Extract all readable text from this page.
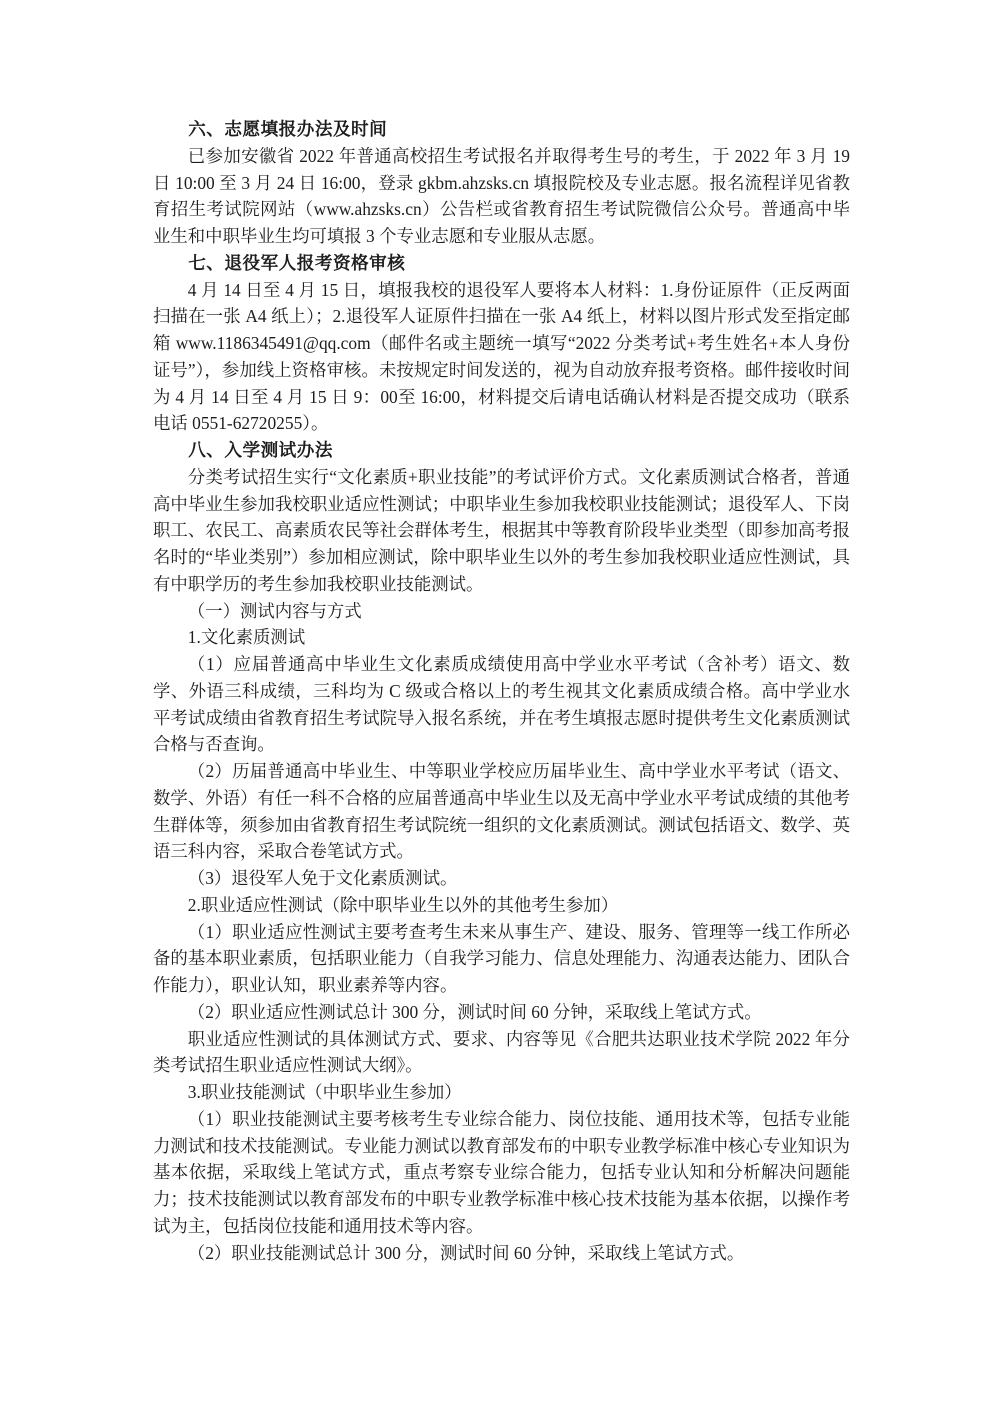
六、志愿填报办法及时间

已参加安徽省 2022 年普通高校招生考试报名并取得考生号的考生，于 2022 年 3 月 19 日 10:00 至 3 月 24 日 16:00，登录 gkbm.ahzsks.cn 填报院校及专业志愿。报名流程详见省教育招生考试院网站（www.ahzsks.cn）公告栏或省教育招生考试院微信公众号。普通高中毕业生和中职毕业生均可填报 3 个专业志愿和专业服从志愿。

七、退役军人报考资格审核

4 月 14 日至 4 月 15 日，填报我校的退役军人要将本人材料：1.身份证原件（正反两面扫描在一张 A4 纸上）；2.退役军人证原件扫描在一张 A4 纸上，材料以图片形式发至指定邮箱 www.1186345491@qq.com（邮件名或主题统一填写“2022 分类考试+考生姓名+本人身份证号”），参加线上资格审核。未按规定时间发送的，视为自动放弃报考资格。邮件接收时间为 4 月 14 日至 4 月 15 日 9：00至 16:00，材料提交后请电话确认材料是否提交成功（联系电话 0551-62720255）。

八、入学测试办法

分类考试招生实行“文化素质+职业技能”的考试评价方式。文化素质测试合格者，普通高中毕业生参加我校职业适应性测试；中职毕业生参加我校职业技能测试；退役军人、下岗职工、农民工、高素质农民等社会群体考生，根据其中等教育阶段毕业类型（即参加高考报名时的“毕业类别”）参加相应测试，除中职毕业生以外的考生参加我校职业适应性测试，具有中职学历的考生参加我校职业技能测试。

（一）测试内容与方式

1.文化素质测试

（1）应届普通高中毕业生文化素质成绩使用高中学业水平考试（含补考）语文、数学、外语三科成绩，三科均为 C 级或合格以上的考生视其文化素质成绩合格。高中学业水平考试成绩由省教育招生考试院导入报名系统，并在考生填报志愿时提供考生文化素质测试合格与否查询。

（2）历届普通高中毕业生、中等职业学校应历届毕业生、高中学业水平考试（语文、数学、外语）有任一科不合格的应届普通高中毕业生以及无高中学业水平考试成绩的其他考生群体等，须参加由省教育招生考试院统一组织的文化素质测试。测试包括语文、数学、英语三科内容，采取合卷笔试方式。

（3）退役军人免于文化素质测试。

2.职业适应性测试（除中职毕业生以外的其他考生参加）

（1）职业适应性测试主要考查考生未来从事生产、建设、服务、管理等一线工作所必备的基本职业素质，包括职业能力（自我学习能力、信息处理能力、沟通表达能力、团队合作能力），职业认知，职业素养等内容。

（2）职业适应性测试总计 300 分，测试时间 60 分钟，采取线上笔试方式。

职业适应性测试的具体测试方式、要求、内容等见《合肥共达职业技术学院 2022 年分类考试招生职业适应性测试大纲》。

3.职业技能测试（中职毕业生参加）

（1）职业技能测试主要考核考生专业综合能力、岗位技能、通用技术等，包括专业能力测试和技术技能测试。专业能力测试以教育部发布的中职专业教学标准中核心专业知识为基本依据，采取线上笔试方式，重点考察专业综合能力，包括专业认知和分析解决问题能力；技术技能测试以教育部发布的中职专业教学标准中核心技术技能为基本依据，以操作考试为主，包括岗位技能和通用技术等内容。

（2）职业技能测试总计 300 分，测试时间 60 分钟，采取线上笔试方式。
